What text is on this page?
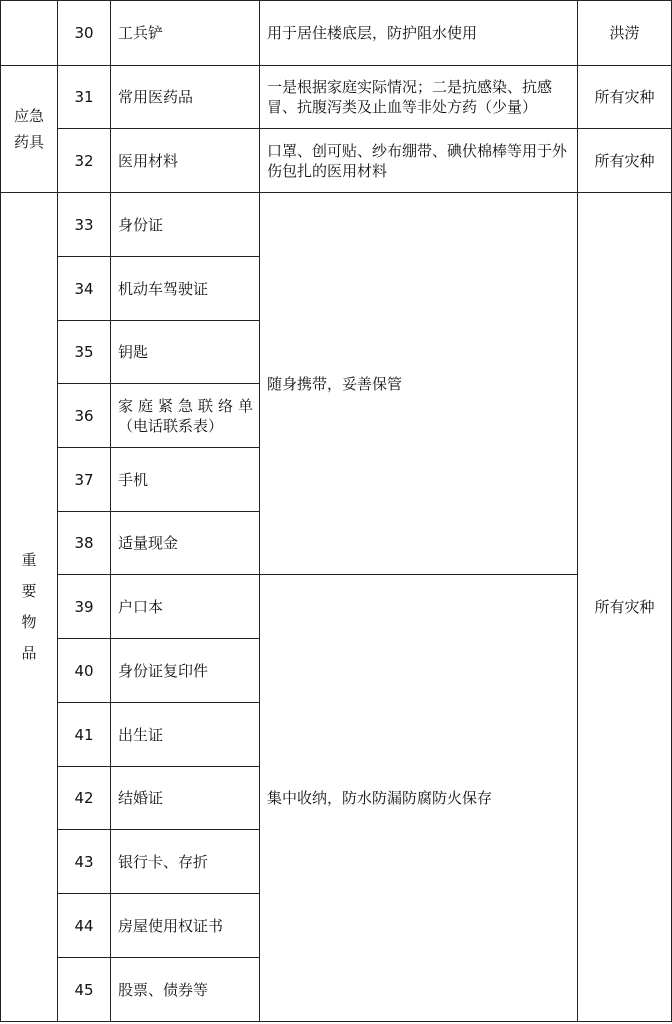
	30	工兵铲	用于居住楼底层，防护阻水使用	洪涝
应急药具	31	常用医药品	一是根据家庭实际情况；二是抗感染、抗感冒、抗腹泻类及止血等非处方药（少量）	所有灾种
	32	医用材料	口罩、创可贴、纱布绷带、碘伏棉棒等用于外伤包扎的医用材料	所有灾种
重要物品	33	身份证	随身携带，妥善保管	所有灾种
	34	机动车驾驶证		
	35	钥匙		
	36	家庭紧急联络单
（电话联系表）		

	37	手机		
	38	适量现金		
	39	户口本	集中收纳，防水防漏防腐防火保存	
	40	身份证复印件		
	41	出生证		
	42	结婚证		
	43	银行卡、存折		
	44	房屋使用权证书		
	45	股票、债券等		
